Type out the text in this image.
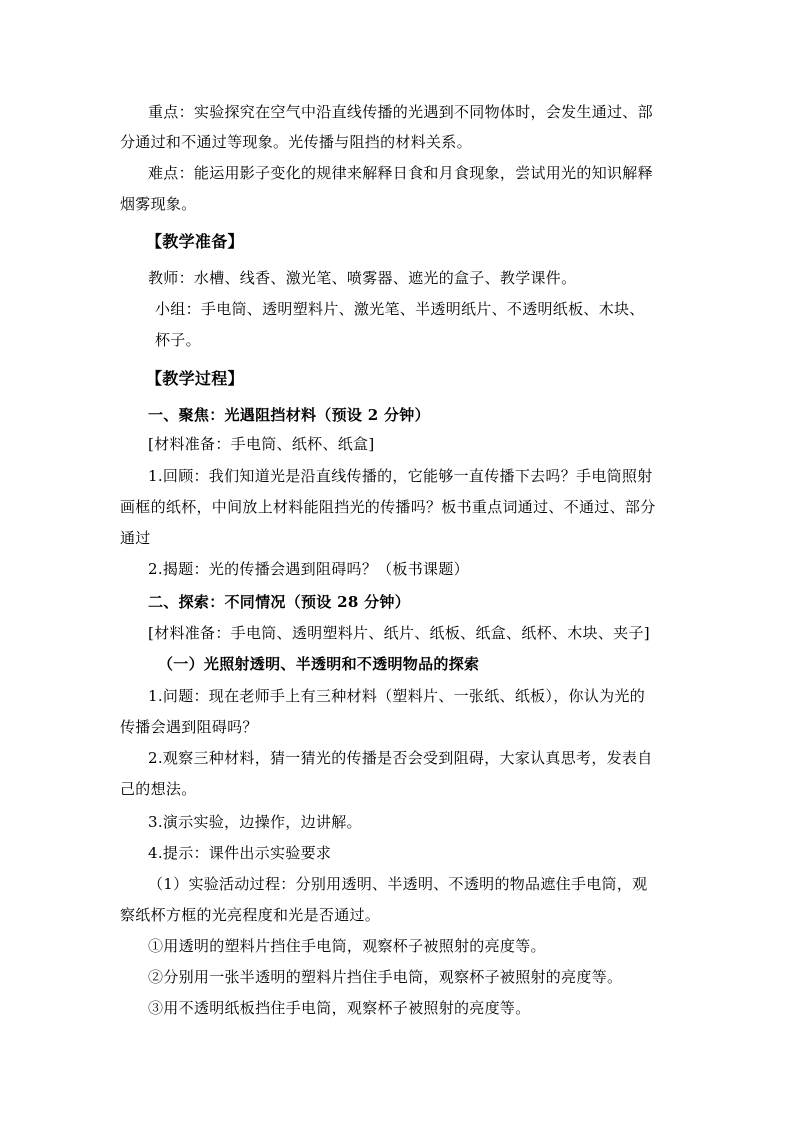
重点：实验探究在空气中沿直线传播的光遇到不同物体时，会发生通过、部
分通过和不通过等现象。光传播与阻挡的材料关系。
难点：能运用影子变化的规律来解释日食和月食现象，尝试用光的知识解释
烟雾现象。
【教学准备】
教师：水槽、线香、激光笔、喷雾器、遮光的盒子、教学课件。
小组：手电筒、透明塑料片、激光笔、半透明纸片、不透明纸板、木块、
杯子。
【教学过程】
一、聚焦：光遇阻挡材料（预设 2 分钟）
[材料准备：手电筒、纸杯、纸盒]
1.回顾：我们知道光是沿直线传播的，它能够一直传播下去吗？手电筒照射
画框的纸杯，中间放上材料能阻挡光的传播吗？板书重点词通过、不通过、部分
通过
2.揭题：光的传播会遇到阻碍吗？（板书课题）
二、探索：不同情况（预设 28 分钟）
[材料准备：手电筒、透明塑料片、纸片、纸板、纸盒、纸杯、木块、夹子]
（一）光照射透明、半透明和不透明物品的探索
1.问题：现在老师手上有三种材料（塑料片、一张纸、纸板），你认为光的
传播会遇到阻碍吗？
2.观察三种材料，猜一猜光的传播是否会受到阻碍，大家认真思考，发表自
己的想法。
3.演示实验，边操作，边讲解。
4.提示：课件出示实验要求
（1）实验活动过程：分别用透明、半透明、不透明的物品遮住手电筒，观
察纸杯方框的光亮程度和光是否通过。
①用透明的塑料片挡住手电筒，观察杯子被照射的亮度等。
②分别用一张半透明的塑料片挡住手电筒，观察杯子被照射的亮度等。
③用不透明纸板挡住手电筒，观察杯子被照射的亮度等。
